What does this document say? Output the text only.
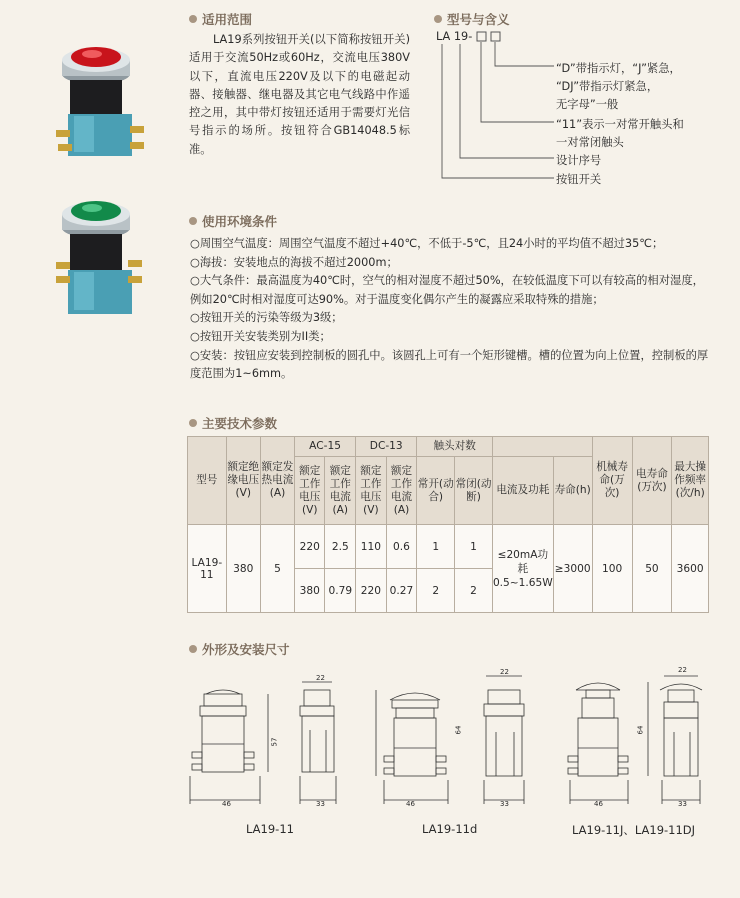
适用范围
LA19系列按钮开关(以下简称按钮开关)适用于交流50Hz或60Hz，交流电压380V以下，直流电压220V及以下的电磁起动器、接触器、继电器及其它电气线路中作遥控之用，其中带灯按钮还适用于需要灯光信号指示的场所。按钮符合GB14048.5标准。
型号与含义
LA 19-
“D”带指示灯，“J”紧急，
“DJ”带指示灯紧急，
无字母”一般
“11”表示一对常开触头和
一对常闭触头
设计序号
按钮开关
使用环境条件
○周围空气温度：周围空气温度不超过+40℃，不低于-5℃，且24小时的平均值不超过35℃；
○海拔：安装地点的海拔不超过2000m；
○大气条件：最高温度为40℃时，空气的相对湿度不超过50%，在较低温度下可以有较高的相对湿度，例如20℃时相对湿度可达90%。对于温度变化偶尔产生的凝露应采取特殊的措施；
○按钮开关的污染等级为3级；
○按钮开关安装类别为II类；
○安装：按钮应安装到控制板的圆孔中。该圆孔上可有一个矩形键槽。槽的位置为向上位置，控制板的厚度范围为1~6mm。
主要技术参数
型号	额定绝缘电压(V)	额定发热电流(A)	AC-15		DC-13		触头对数				机械寿命(万次)	电寿命(万次)	最大操作频率(次/h)
			额定工作电压(V)	额定工作电流(A)	额定工作电压(V)	额定工作电流(A)	常开(动合)	常闭(动断)	电流及功耗	寿命(h)			
LA19-11	380	5	220	2.5	110	0.6	1	1	≤20mA功耗0.5~1.65W	≥3000	100	50	3600
			380	0.79	220	0.27	2	2					
外形及安装尺寸
46
22
33
57
46
22
33
64
46
22
33
64
LA19-11	LA19-11d	LA19-11J、LA19-11DJ
